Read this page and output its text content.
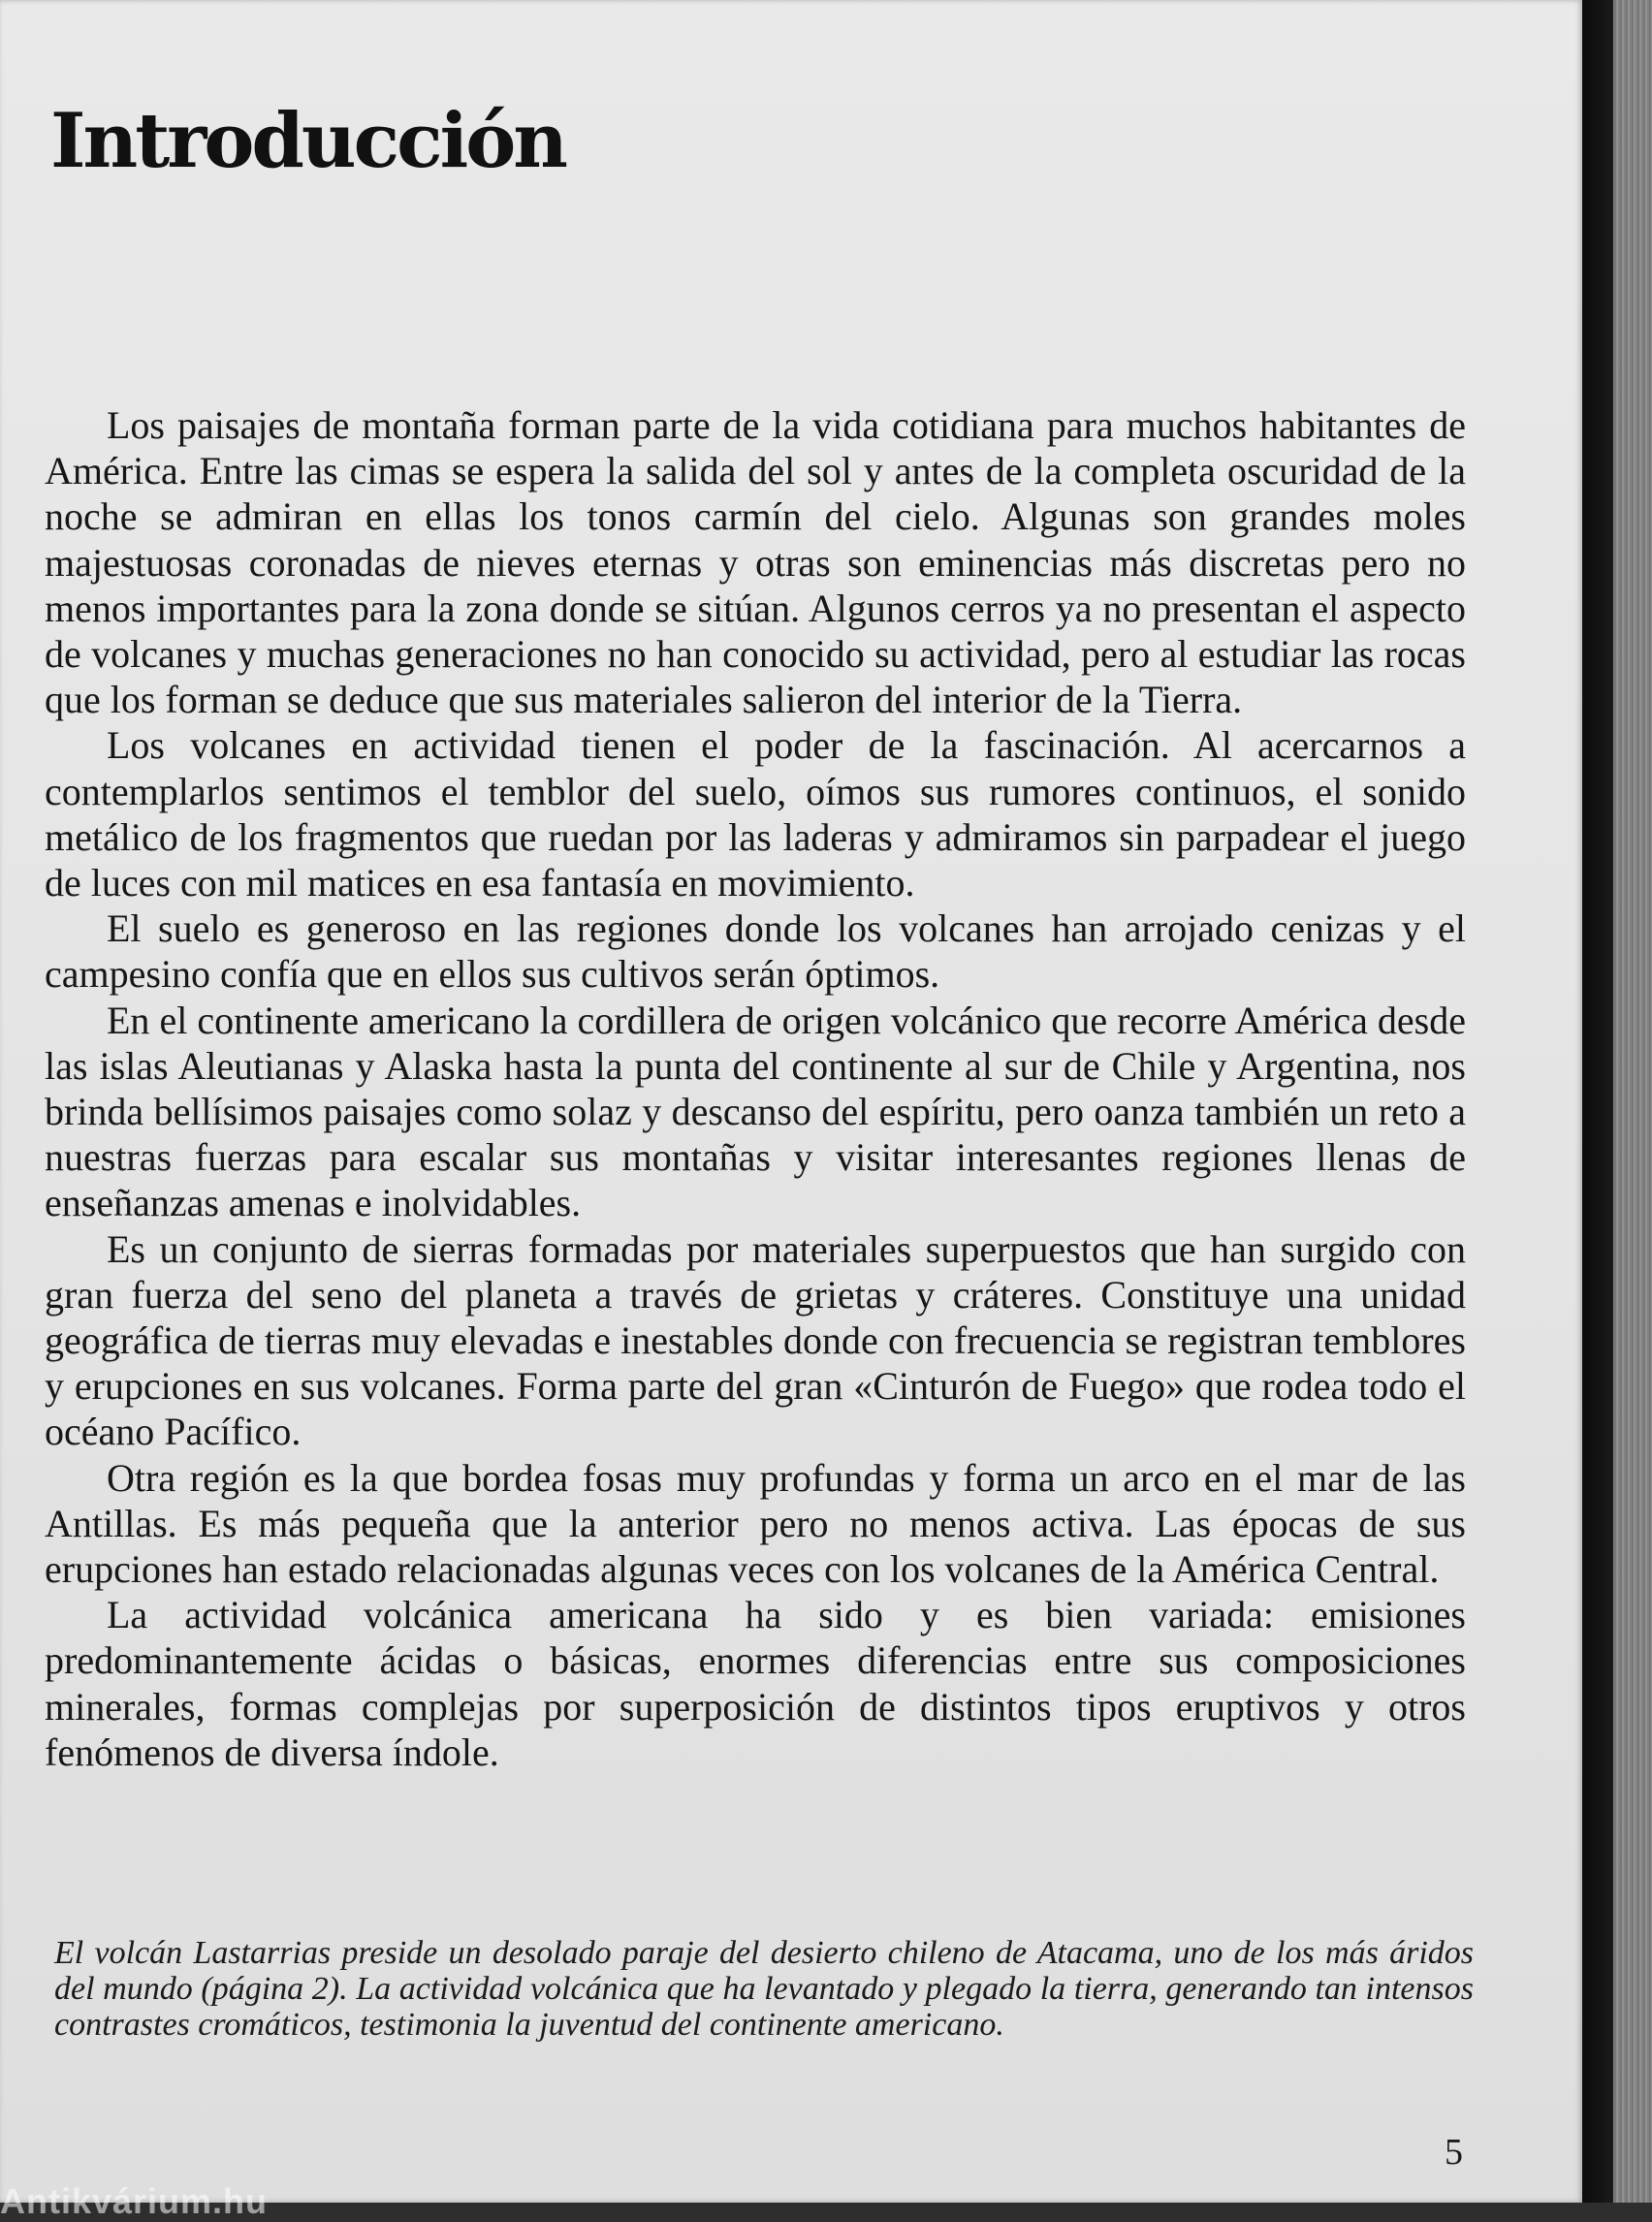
Introducción

Los paisajes de montaña forman parte de la vida cotidiana para muchos habitantes de América. Entre las cimas se espera la salida del sol y antes de la completa oscuridad de la noche se admiran en ellas los tonos carmín del cielo. Algunas son grandes moles majestuosas coronadas de nieves eternas y otras son eminencias más discretas pero no menos importantes para la zona donde se sitúan. Algunos cerros ya no presentan el aspecto de volcanes y muchas generaciones no han conocido su actividad, pero al estudiar las rocas que los forman se deduce que sus materiales salieron del interior de la Tierra.

Los volcanes en actividad tienen el poder de la fascinación. Al acercarnos a contemplarlos sentimos el temblor del suelo, oímos sus rumores continuos, el sonido metálico de los fragmentos que ruedan por las laderas y admiramos sin parpadear el juego de luces con mil matices en esa fantasía en movimiento.

El suelo es generoso en las regiones donde los volcanes han arrojado cenizas y el campesino confía que en ellos sus cultivos serán óptimos.

En el continente americano la cordillera de origen volcánico que recorre América desde las islas Aleutianas y Alaska hasta la punta del continente al sur de Chile y Argentina, nos brinda bellísimos paisajes como solaz y descanso del espíritu, pero oanza también un reto a nuestras fuerzas para escalar sus montañas y visitar interesantes regiones llenas de enseñanzas amenas e inolvidables.

Es un conjunto de sierras formadas por materiales superpuestos que han surgido con gran fuerza del seno del planeta a través de grietas y cráteres. Constituye una unidad geográfica de tierras muy elevadas e inestables donde con frecuencia se registran temblores y erupciones en sus volcanes. Forma parte del gran «Cinturón de Fuego» que rodea todo el océano Pacífico.

Otra región es la que bordea fosas muy profundas y forma un arco en el mar de las Antillas. Es más pequeña que la anterior pero no menos activa. Las épocas de sus erupciones han estado relacionadas algunas veces con los volcanes de la América Central.

La actividad volcánica americana ha sido y es bien variada: emisiones predominantemente ácidas o básicas, enormes diferencias entre sus composiciones minerales, formas complejas por superposición de distintos tipos eruptivos y otros fenómenos de diversa índole.

El volcán Lastarrias preside un desolado paraje del desierto chileno de Atacama, uno de los más áridos del mundo (página 2). La actividad volcánica que ha levantado y plegado la tierra, generando tan intensos contrastes cromáticos, testimonia la juventud del continente americano.

5
Antikvárium.hu
